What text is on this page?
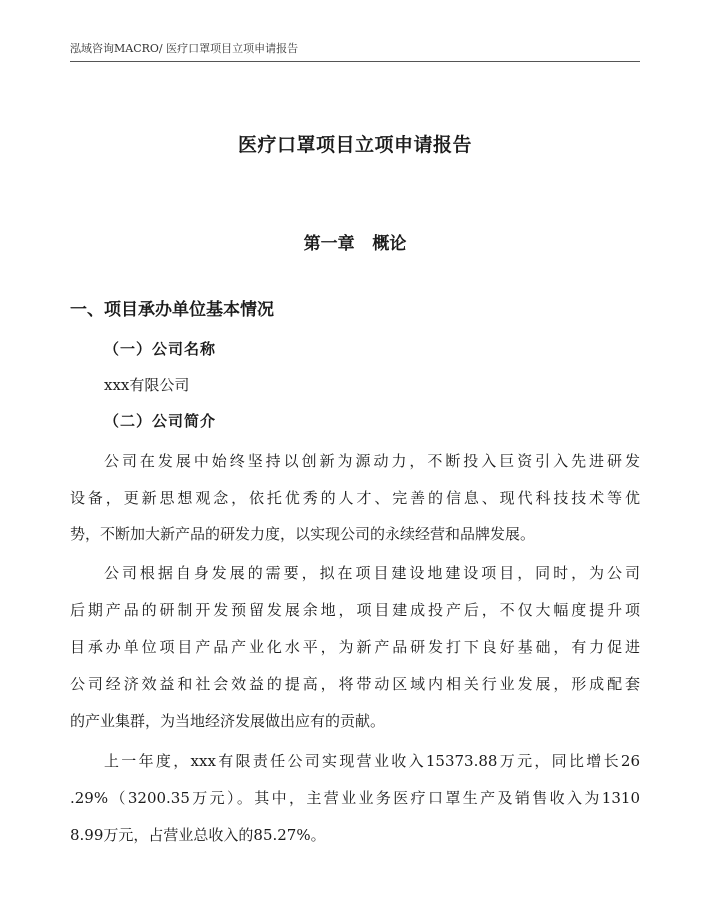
泓域咨询MACRO/ 医疗口罩项目立项申请报告
医疗口罩项目立项申请报告
第一章   概论
一、项目承办单位基本情况
（一）公司名称
xxx有限公司
（二）公司简介
公司在发展中始终坚持以创新为源动力，不断投入巨资引入先进研发
设备，更新思想观念，依托优秀的人才、完善的信息、现代科技技术等优
势，不断加大新产品的研发力度，以实现公司的永续经营和品牌发展。
公司根据自身发展的需要，拟在项目建设地建设项目，同时，为公司
后期产品的研制开发预留发展余地，项目建成投产后，不仅大幅度提升项
目承办单位项目产品产业化水平，为新产品研发打下良好基础，有力促进
公司经济效益和社会效益的提高，将带动区域内相关行业发展，形成配套
的产业集群，为当地经济发展做出应有的贡献。
上一年度，xxx有限责任公司实现营业收入15373.88万元，同比增长26
.29%（3200.35万元）。其中，主营业业务医疗口罩生产及销售收入为1310
8.99万元，占营业总收入的85.27%。
